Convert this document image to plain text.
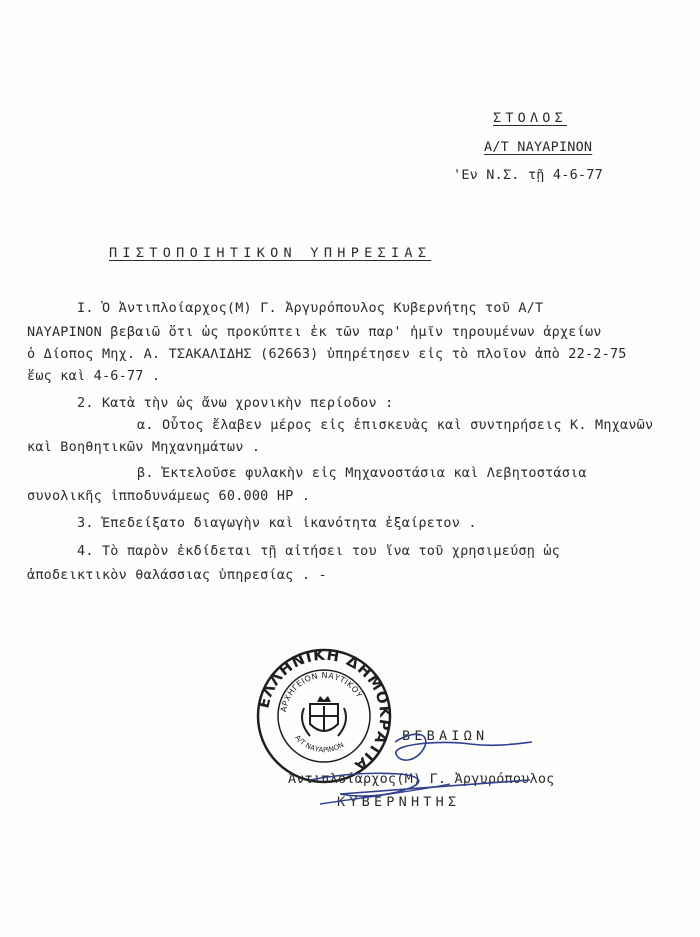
ΣΤΟΛΟΣ
Α/Τ ΝΑΥΑΡΙΝΟΝ
'Εν Ν.Σ. τῇ 4-6-77
ΠΙΣΤΟΠΟΙΗΤΙΚΟΝ ΥΠΗΡΕΣΙΑΣ
Ι. Ὁ Ἀντιπλοίαρχος(Μ) Γ. Ἀργυρόπουλος Κυβερνήτης τοῦ Α/Τ
ΝΑΥΑΡΙΝΟΝ βεβαιῶ ὅτι ὡς προκύπτει ἐκ τῶν παρ' ἡμῖν τηρουμένων ἀρχείων
ὁ Δίοπος Μηχ. Α. ΤΣΑΚΑΛΙΔΗΣ (62663) ὑπηρέτησεν εἰς τὸ πλοῖον ἀπὸ 22-2-75
ἕως καὶ 4-6-77 .
2. Κατὰ τὴν ὡς ἄνω χρονικὴν περίοδον :
α. Οὗτος ἔλαβεν μέρος εἰς ἐπισκευὰς καὶ συντηρήσεις Κ. Μηχανῶν
καὶ Βοηθητικῶν Μηχανημάτων .
β. Ἐκτελοῦσε φυλακὴν εἰς Μηχανοστάσια καὶ Λεβητοστάσια
συνολικῆς ἱπποδυνάμεως 60.000 HP .
3. Ἐπεδείξατο διαγωγὴν καὶ ἱκανότητα ἐξαίρετον .
4. Τὸ παρὸν ἐκδίδεται τῇ αἰτήσει του ἵνα τοῦ χρησιμεύσῃ ὡς
ἀποδεικτικὸν θαλάσσιας ὑπηρεσίας . -
ΕΛΛΗΝΙΚΗ ΔΗΜΟΚΡΑΤΙΑ
ΑΡΧΗΓΕΙΟΝ ΝΑΥΤΙΚΟΥ
Α/Τ ΝΑΥΑΡΙΝΟΝ
ΒΕΒΑΙΩΝ
Ἀντιπλοίαρχος(Μ) Γ. Ἀργυρόπουλος
ΚΥΒΕΡΝΗΤΗΣ
